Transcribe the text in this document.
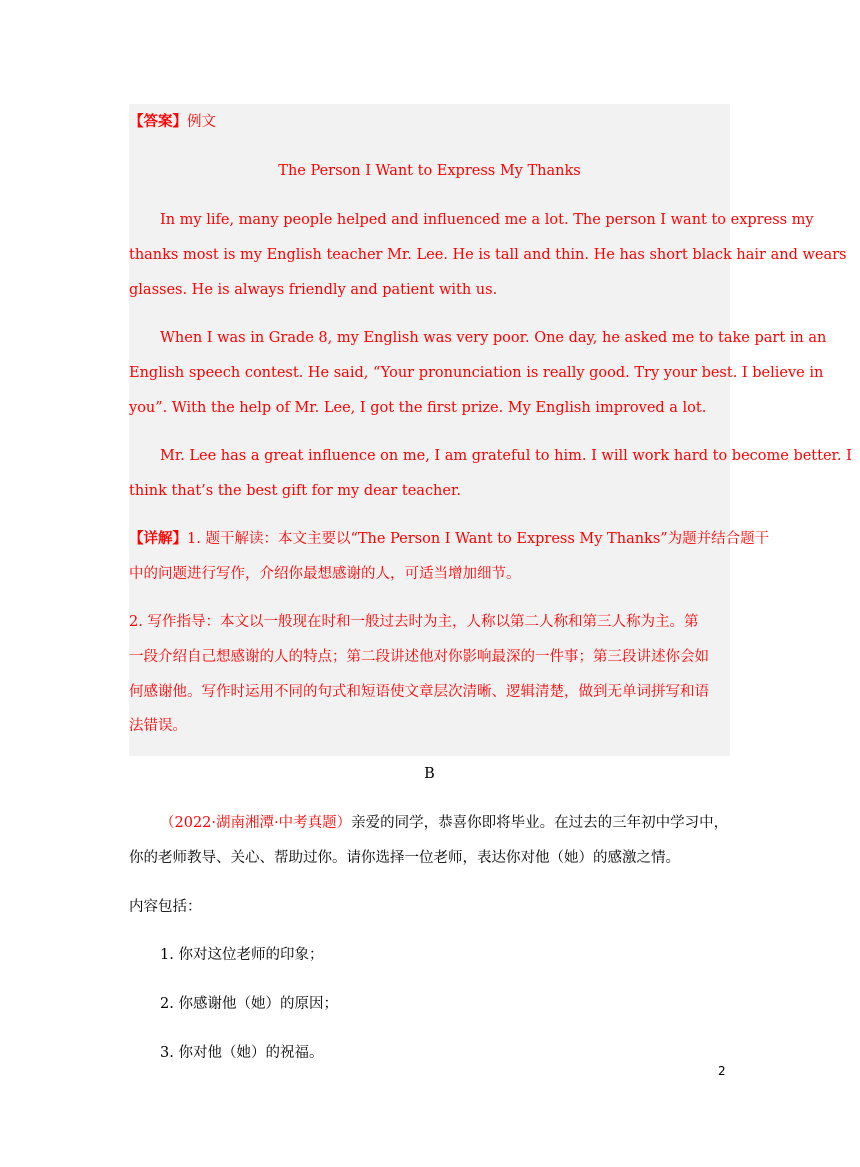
【答案】例文
The Person I Want to Express My Thanks
In my life, many people helped and influenced me a lot. The person I want to express my
thanks most is my English teacher Mr. Lee. He is tall and thin. He has short black hair and wears
glasses. He is always friendly and patient with us.
When I was in Grade 8, my English was very poor. One day, he asked me to take part in an
English speech contest. He said, “Your pronunciation is really good. Try your best. I believe in
you”. With the help of Mr. Lee, I got the first prize. My English improved a lot.
Mr. Lee has a great influence on me, I am grateful to him. I will work hard to become better. I
think that’s the best gift for my dear teacher.
【详解】1. 题干解读：本文主要以“The Person I Want to Express My Thanks”为题并结合题干
中的问题进行写作，介绍你最想感谢的人，可适当增加细节。
2. 写作指导：本文以一般现在时和一般过去时为主，人称以第二人称和第三人称为主。第
一段介绍自己想感谢的人的特点；第二段讲述他对你影响最深的一件事；第三段讲述你会如
何感谢他。写作时运用不同的句式和短语使文章层次清晰、逻辑清楚，做到无单词拼写和语
法错误。
B
（2022·湖南湘潭·中考真题）亲爱的同学，恭喜你即将毕业。在过去的三年初中学习中，
你的老师教导、关心、帮助过你。请你选择一位老师，表达你对他（她）的感激之情。
内容包括：
1. 你对这位老师的印象；
2. 你感谢他（她）的原因；
3. 你对他（她）的祝福。
2
